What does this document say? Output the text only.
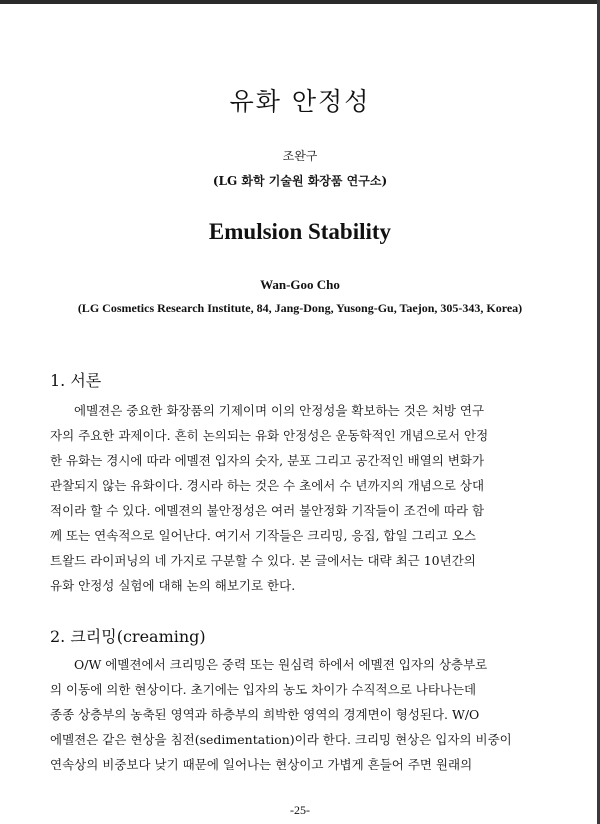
유화 안정성
조완구
(LG 화학 기술원 화장품 연구소)
Emulsion Stability
Wan-Goo Cho
(LG Cosmetics Research Institute, 84, Jang-Dong, Yusong-Gu, Taejon, 305-343, Korea)
1. 서론
에멜젼은 중요한 화장품의 기제이며 이의 안정성을 확보하는 것은 처방 연구
자의 주요한 과제이다. 흔히 논의되는 유화 안정성은 운동학적인 개념으로서 안정
한 유화는 경시에 따라 에멜젼 입자의 숫자, 분포 그리고 공간적인 배열의 변화가
관찰되지 않는 유화이다. 경시라 하는 것은 수 초에서 수 년까지의 개념으로 상대
적이라 할 수 있다. 에멜젼의 불안정성은 여러 불안정화 기작들이 조건에 따라 함
께 또는 연속적으로 일어난다. 여기서 기작들은 크리밍, 응집, 합일 그리고 오스
트왈드 라이퍼닝의 네 가지로 구분할 수 있다. 본 글에서는 대략 최근 10년간의
유화 안정성 실험에 대해 논의 해보기로 한다.
2. 크리밍(creaming)
O/W 에멜젼에서 크리밍은 중력 또는 원심력 하에서 에멜젼 입자의 상층부로
의 이동에 의한 현상이다. 초기에는 입자의 농도 차이가 수직적으로 나타나는데
종종 상층부의 농축된 영역과 하층부의 희박한 영역의 경계면이 형성된다. W/O
에멜젼은 같은 현상을 침전(sedimentation)이라 한다. 크리밍 현상은 입자의 비중이
연속상의 비중보다 낮기 때문에 일어나는 현상이고 가볍게 흔들어 주면 원래의
-25-
